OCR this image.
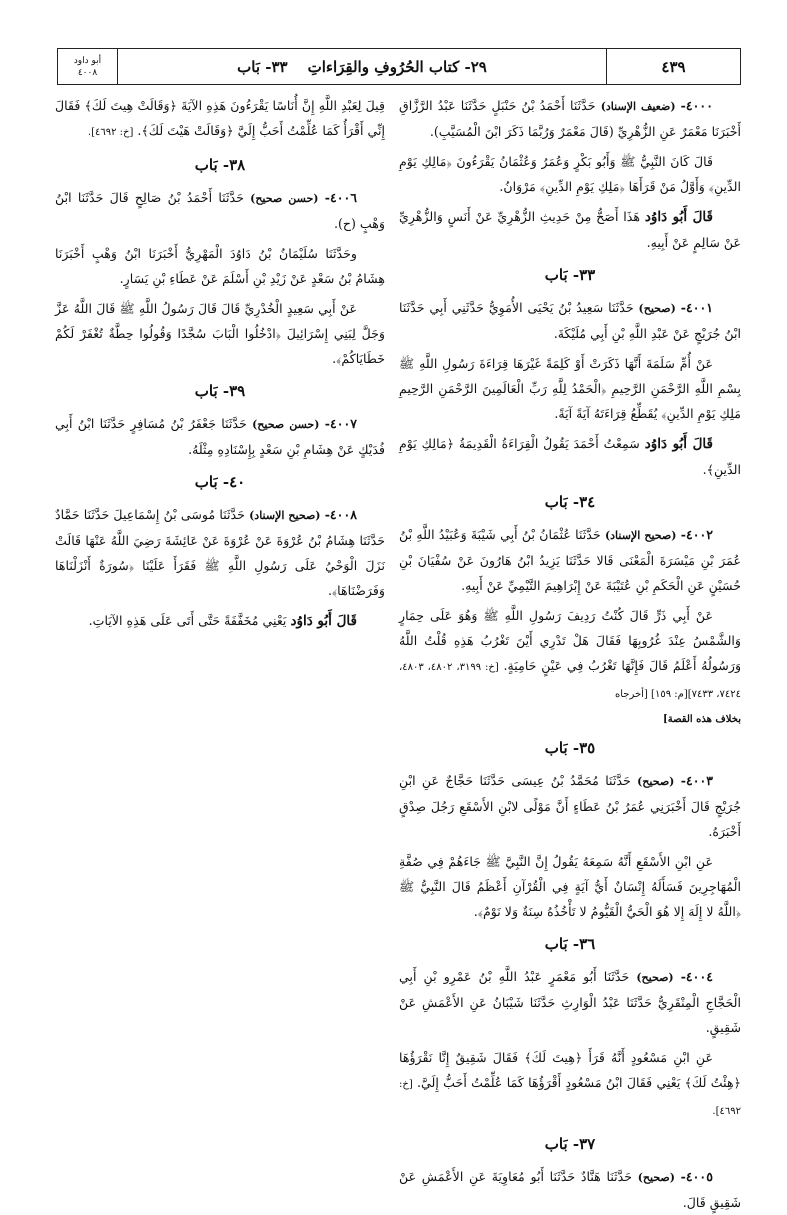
أبو داود
٤٠٠٨	٢٩- كتاب الحُرُوفِ والقِرَاءاتِ
٣٣- بَاب	٤٣٩

٤٠٠٠- (ضعيف الإسناد) حَدَّثَنَا أَحْمَدُ بْنُ حَنْبَلٍ حَدَّثَنَا عَبْدُ الرَّزَّاقِ أَخْبَرَنَا مَعْمَرٌ عَنِ الزُّهْرِيِّ (قَالَ مَعْمَرٌ وَرُبَّمَا ذَكَرَ ابْنَ الْمُسَيَّبِ).

قَالَ كَانَ النَّبِيُّ ﷺ وَأَبُو بَكْرٍ وَعُمَرُ وَعُثْمَانُ يَقْرَءُونَ ﴿مَالِكِ يَوْمِ الدِّينِ﴾ وَأَوَّلُ مَنْ قَرَأَهَا ﴿مَلِكِ يَوْمِ الدِّينِ﴾ مَرْوَانُ.

قَالَ أَبُو دَاوُد هَذَا أَصَحُّ مِنْ حَدِيثِ الزُّهْرِيِّ عَنْ أَنَسٍ وَالزُّهْرِيِّ عَنْ سَالِمٍ عَنْ أَبِيهِ.

٣٣- بَاب

٤٠٠١- (صحيح) حَدَّثَنَا سَعِيدُ بْنُ يَحْيَى الأُمَوِيُّ حَدَّثَنِي أَبِي حَدَّثَنَا ابْنُ جُرَيْجٍ عَنْ عَبْدِ اللَّهِ بْنِ أَبِي مُلَيْكَةَ.

عَنْ أُمِّ سَلَمَةَ أَنَّهَا ذَكَرَتْ أَوْ كَلِمَةً غَيْرَهَا قِرَاءَةَ رَسُولِ اللَّهِ ﷺ بِسْمِ اللَّهِ الرَّحْمَنِ الرَّحِيمِ ﴿الْحَمْدُ لِلَّهِ رَبِّ الْعَالَمِينَ الرَّحْمَنِ الرَّحِيمِ مَلِكِ يَوْمِ الدِّينِ﴾ يُقَطِّعُ قِرَاءَتَهُ آيَةً آيَةً.

قَالَ أَبُو دَاوُد سَمِعْتُ أَحْمَدَ يَقُولُ الْقِرَاءَةُ الْقَدِيمَةُ ﴿مَالِكِ يَوْمِ الدِّينِ﴾.

٣٤- بَاب

٤٠٠٢- (صحيح الإسناد) حَدَّثَنَا عُثْمَانُ بْنُ أَبِي شَيْبَةَ وَعُبَيْدُ اللَّهِ بْنُ عُمَرَ بْنِ مَيْسَرَةَ الْمَعْنَى قَالا حَدَّثَنَا يَزِيدُ ابْنُ هَارُونَ عَنْ سُفْيَانَ بْنِ حُسَيْنٍ عَنِ الْحَكَمِ بْنِ عُتَيْبَةَ عَنْ إِبْرَاهِيمَ التَّيْمِيِّ عَنْ أَبِيهِ.

عَنْ أَبِي ذَرٍّ قَالَ كُنْتُ رَدِيفَ رَسُولِ اللَّهِ ﷺ وَهُوَ عَلَى حِمَارٍ وَالشَّمْسُ عِنْدَ غُرُوبِهَا فَقَالَ هَلْ تَدْرِي أَيْنَ تَغْرُبُ هَذِهِ قُلْتُ اللَّهُ وَرَسُولُهُ أَعْلَمُ قَالَ فَإِنَّهَا تَغْرُبُ فِي عَيْنٍ حَامِيَةٍ. [خ: ٣١٩٩، ٤٨٠٢، ٤٨٠٣، ٧٤٢٤، ٧٤٣٣][م: ١٥٩] [أخرجاه

بخلاف هذه القصة]
٣٥- بَاب

٤٠٠٣- (صحيح) حَدَّثَنَا مُحَمَّدُ بْنُ عِيسَى حَدَّثَنَا حَجَّاجٌ عَنِ ابْنِ جُرَيْجٍ قَالَ أَخْبَرَنِي عُمَرُ بْنُ عَطَاءٍ أَنَّ مَوْلًى لابْنِ الأَسْقَعِ رَجُلَ صِدْقٍ أَخْبَرَهُ.

عَنِ ابْنِ الأَسْقَعِ أَنَّهُ سَمِعَهُ يَقُولُ إِنَّ النَّبِيَّ ﷺ جَاءَهُمْ فِي صُفَّةِ الْمُهَاجِرِينَ فَسَأَلَهُ إِنْسَانٌ أَيُّ آيَةٍ فِي الْقُرْآنِ أَعْظَمُ قَالَ النَّبِيُّ ﷺ ﴿اللَّهُ لا إِلَهَ إِلا هُوَ الْحَيُّ الْقَيُّومُ لا تَأْخُذُهُ سِنَةٌ وَلا نَوْمٌ﴾.

٣٦- بَاب

٤٠٠٤- (صحيح) حَدَّثَنَا أَبُو مَعْمَرٍ عَبْدُ اللَّهِ بْنُ عَمْرِو بْنِ أَبِي الْحَجَّاجِ الْمِنْقَرِيُّ حَدَّثَنَا عَبْدُ الْوَارِثِ حَدَّثَنَا شَيْبَانُ عَنِ الأَعْمَشِ عَنْ شَقِيقٍ.

عَنِ ابْنِ مَسْعُودٍ أَنَّهُ قَرَأَ ﴿هِيتَ لَكَ﴾ فَقَالَ شَقِيقٌ إِنَّا نَقْرَؤُهَا ﴿هِئْتُ لَكَ﴾ يَعْنِي فَقَالَ ابْنُ مَسْعُودٍ أَقْرَؤُهَا كَمَا عُلِّمْتُ أَحَبُّ إِلَيَّ. [خ: ٤٦٩٢].

٣٧- بَاب

٤٠٠٥- (صحيح) حَدَّثَنَا هَنَّادٌ حَدَّثَنَا أَبُو مُعَاوِيَةَ عَنِ الأَعْمَشِ عَنْ شَقِيقٍ قَالَ.

قِيلَ لِعَبْدِ اللَّهِ إِنَّ أُنَاسًا يَقْرَءُونَ هَذِهِ الآيَةَ ﴿وَقَالَتْ هِيتَ لَكَ﴾ فَقَالَ إِنِّي أَقْرَأُ كَمَا عُلِّمْتُ أَحَبُّ إِلَيَّ ﴿وَقَالَتْ هَيْتَ لَكَ﴾. [خ: ٤٦٩٢].

٣٨- بَاب

٤٠٠٦- (حسن صحيح) حَدَّثَنَا أَحْمَدُ بْنُ صَالِحٍ قَالَ حَدَّثَنَا ابْنُ وَهْبٍ (ح).

وحَدَّثَنَا سُلَيْمَانُ بْنُ دَاوُدَ الْمَهْرِيُّ أَخْبَرَنَا ابْنُ وَهْبٍ أَخْبَرَنَا هِشَامُ بْنُ سَعْدٍ عَنْ زَيْدِ بْنِ أَسْلَمَ عَنْ عَطَاءِ بْنِ يَسَارٍ.

عَنْ أَبِي سَعِيدٍ الْخُدْرِيِّ قَالَ قَالَ رَسُولُ اللَّهِ ﷺ قَالَ اللَّهُ عَزَّ وَجَلَّ لِبَنِي إِسْرَائِيلَ ﴿ادْخُلُوا الْبَابَ سُجَّدًا وَقُولُوا حِطَّةٌ تُغْفَرْ لَكُمْ خَطَايَاكُمْ﴾.

٣٩- بَاب

٤٠٠٧- (حسن صحيح) حَدَّثَنَا جَعْفَرُ بْنُ مُسَافِرٍ حَدَّثَنَا ابْنُ أَبِي فُدَيْكٍ عَنْ هِشَامِ بْنِ سَعْدٍ بِإِسْنَادِهِ مِثْلَهُ.

٤٠- بَاب

٤٠٠٨- (صحيح الإسناد) حَدَّثَنَا مُوسَى بْنُ إِسْمَاعِيلَ حَدَّثَنَا حَمَّادٌ حَدَّثَنَا هِشَامُ بْنُ عُرْوَةَ عَنْ عُرْوَةَ عَنْ عَائِشَةَ رَضِيَ اللَّهُ عَنْهَا قَالَتْ نَزَلَ الْوَحْيُ عَلَى رَسُولِ اللَّهِ ﷺ فَقَرَأَ عَلَيْنَا ﴿سُورَةٌ أَنْزَلْنَاهَا وَفَرَضْنَاهَا﴾.

قَالَ أَبُو دَاوُد يَعْنِي مُخَفَّفَةً حَتَّى أَتَى عَلَى هَذِهِ الآيَاتِ.
